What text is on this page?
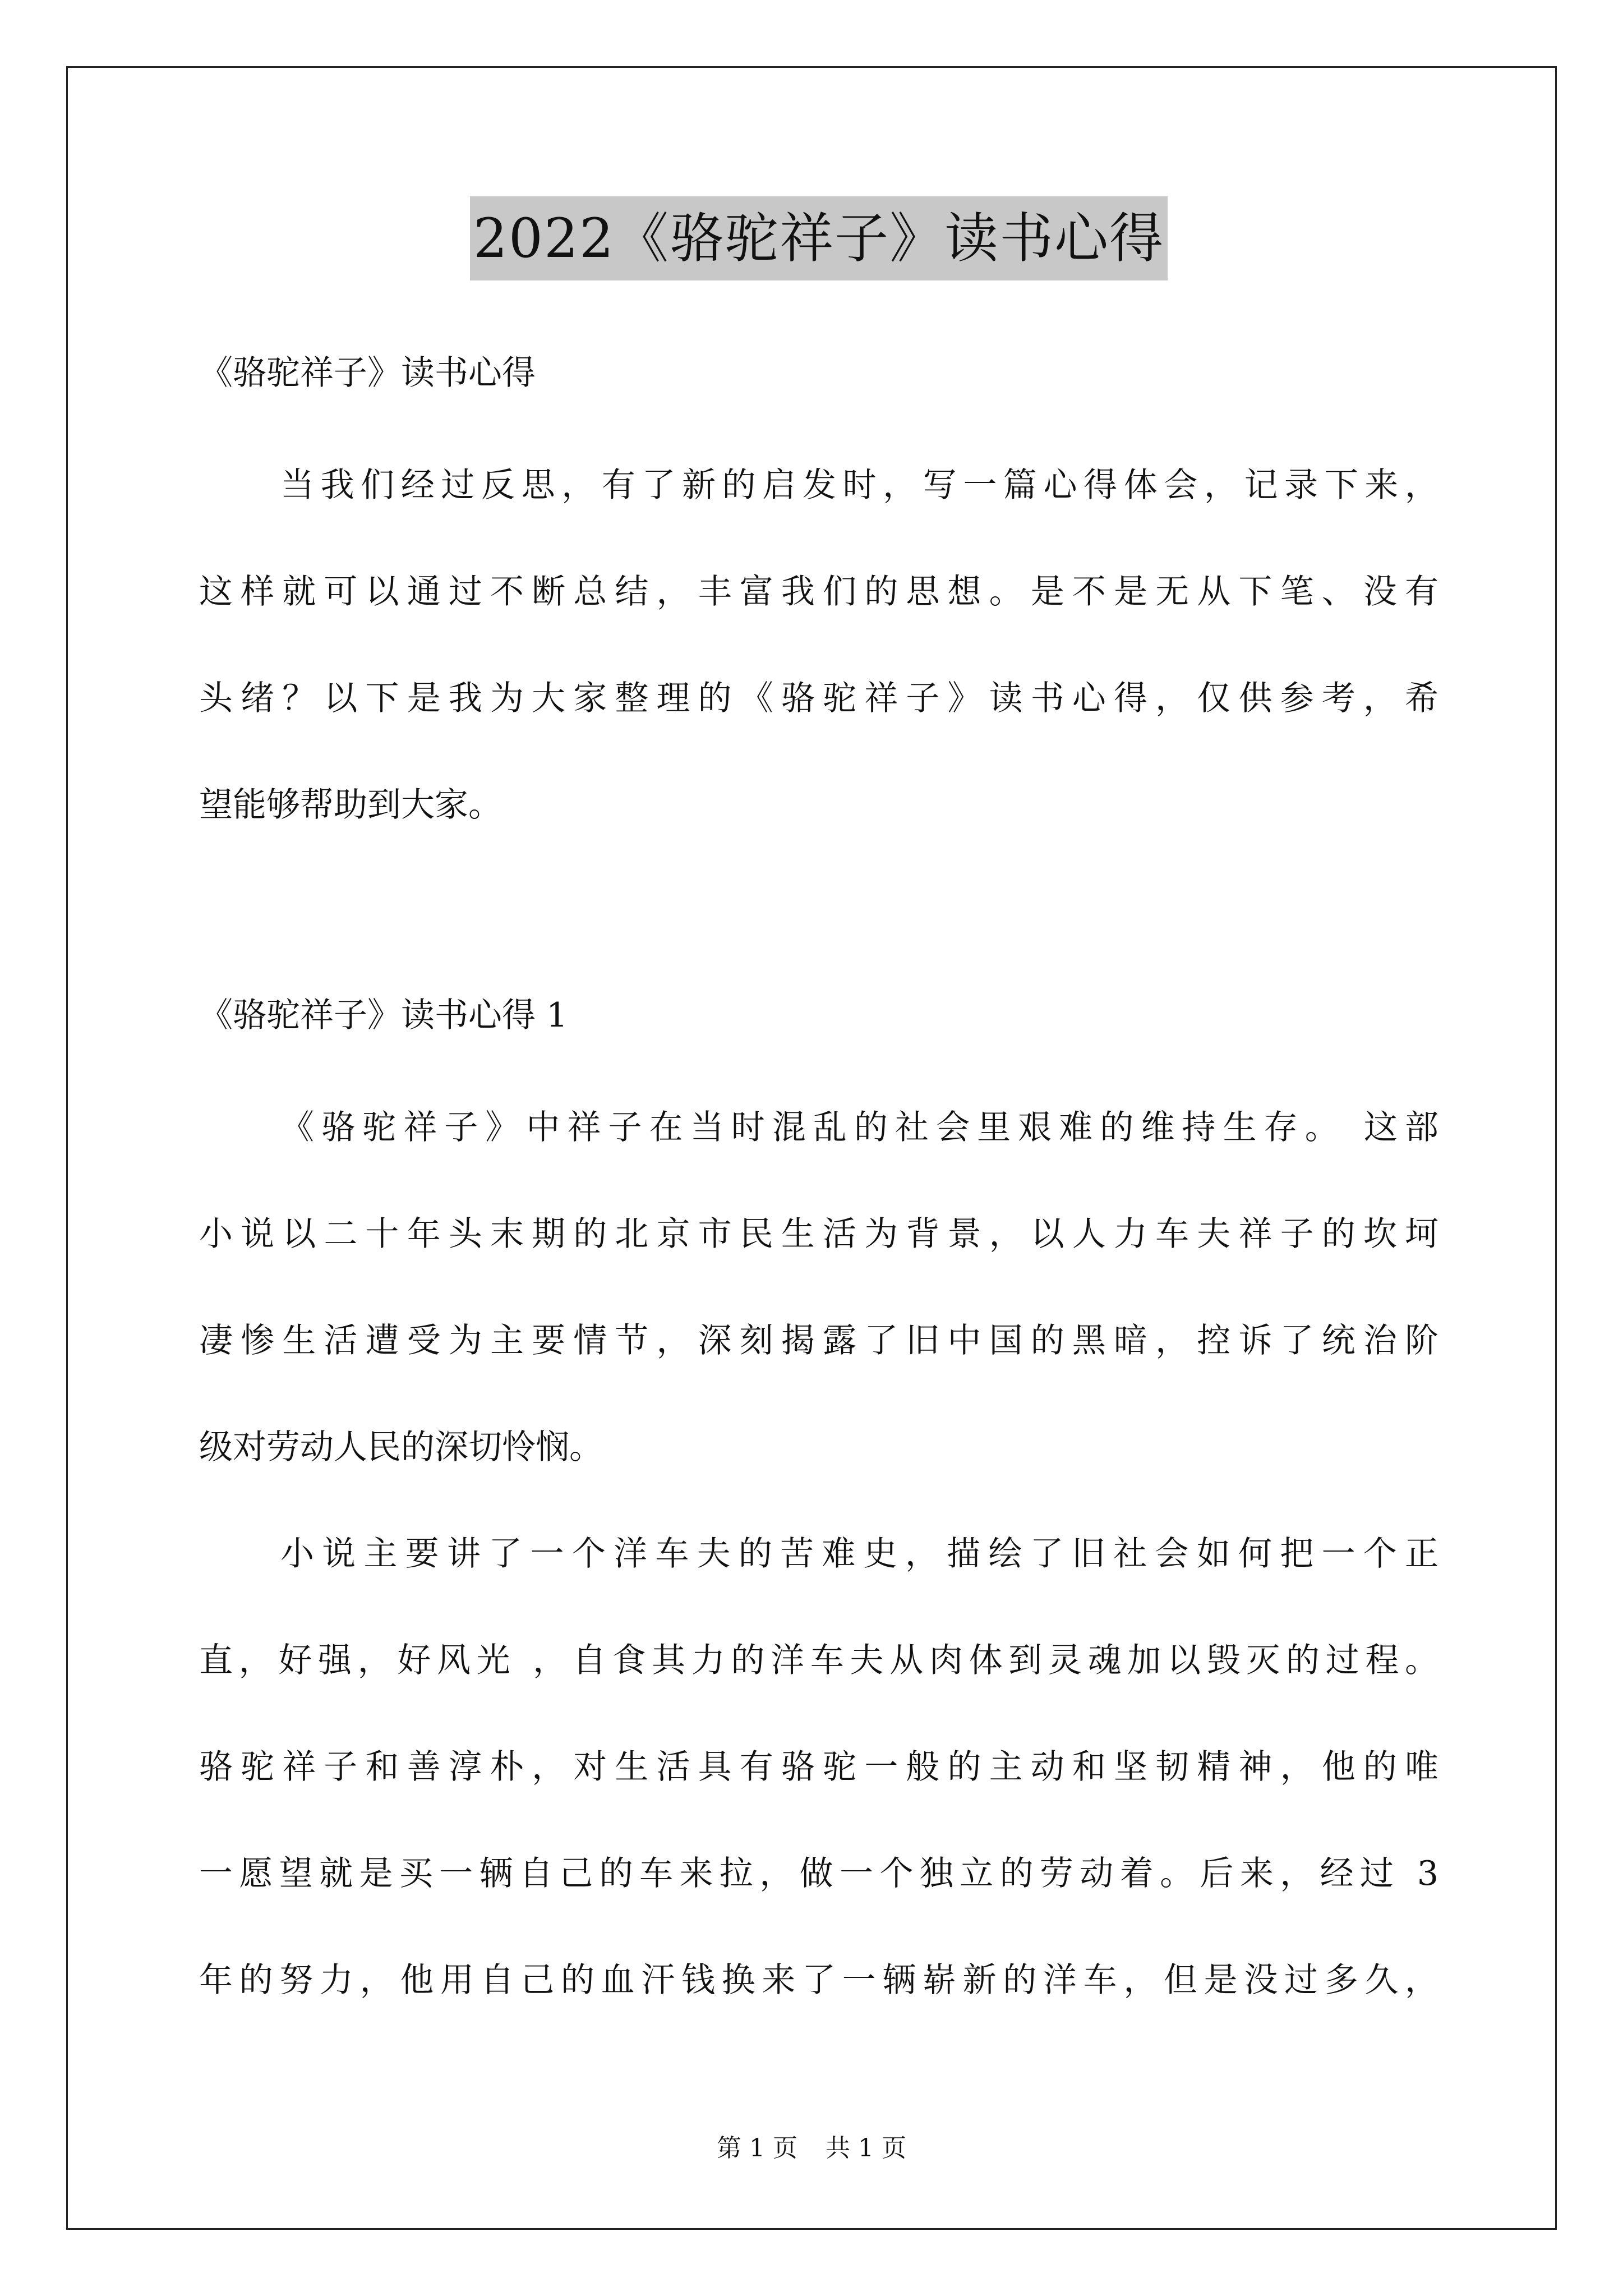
2022《骆驼祥子》读书心得
《骆驼祥子》读书心得
当我们经过反思，有了新的启发时，写一篇心得体会，记录下来，
这样就可以通过不断总结，丰富我们的思想。是不是无从下笔、没有
头绪？以下是我为大家整理的《骆驼祥子》读书心得，仅供参考，希
望能够帮助到大家。
《骆驼祥子》读书心得 1
《骆驼祥子》中祥子在当时混乱的社会里艰难的维持生存。 这部
小说以二十年头末期的北京市民生活为背景，以人力车夫祥子的坎坷
凄惨生活遭受为主要情节，深刻揭露了旧中国的黑暗，控诉了统治阶
级对劳动人民的深切怜悯。
小说主要讲了一个洋车夫的苦难史，描绘了旧社会如何把一个正
直，好强，好风光 ，自食其力的洋车夫从肉体到灵魂加以毁灭的过程。
骆驼祥子和善淳朴，对生活具有骆驼一般的主动和坚韧精神，他的唯
一愿望就是买一辆自己的车来拉，做一个独立的劳动着。后来，经过 3
年的努力，他用自己的血汗钱换来了一辆崭新的洋车，但是没过多久，
第 1 页 共 1 页
